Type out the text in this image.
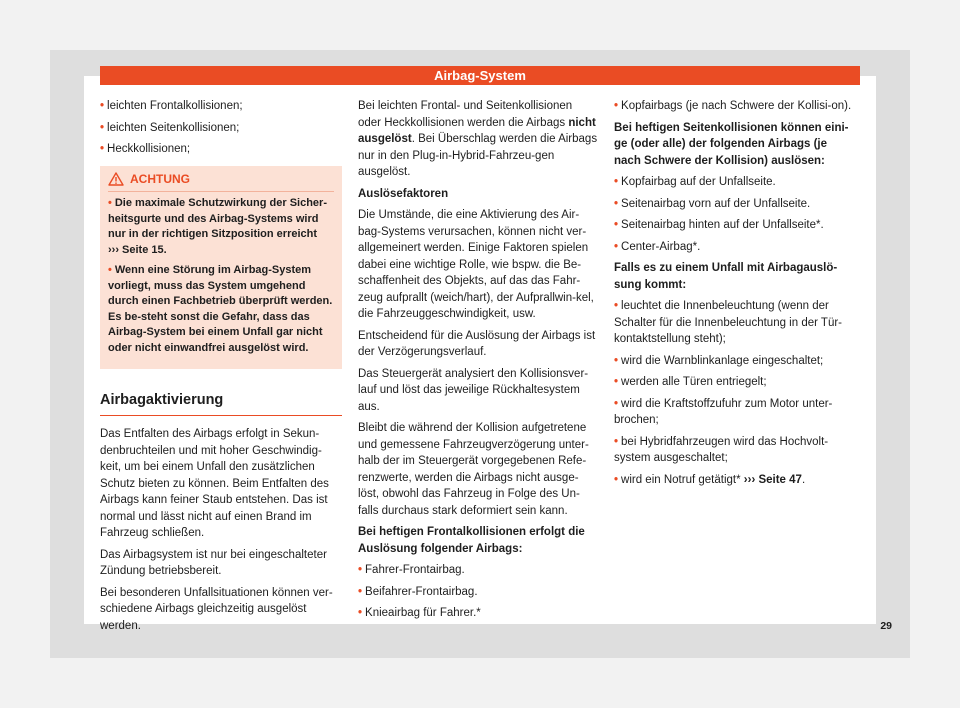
Airbag-System

• leichten Frontalkollisionen;

• leichten Seitenkollisionen;

• Heckkollisionen;

ACHTUNG

• Die maximale Schutzwirkung der Sicher-heitsgurte und des Airbag-Systems wird nur in der richtigen Sitzposition erreicht
››› Seite 15.

• Wenn eine Störung im Airbag-System vorliegt, muss das System umgehend durch einen Fachbetrieb überprüft werden. Es be-steht sonst die Gefahr, dass das Airbag-System bei einem Unfall gar nicht oder nicht einwandfrei ausgelöst wird.

Airbagaktivierung

Das Entfalten des Airbags erfolgt in Sekun-denbruchteilen und mit hoher Geschwindig-keit, um bei einem Unfall den zusätzlichen Schutz bieten zu können. Beim Entfalten des Airbags kann feiner Staub entstehen. Das ist normal und lässt nicht auf einen Brand im Fahrzeug schließen.

Das Airbagsystem ist nur bei eingeschalteter Zündung betriebsbereit.

Bei besonderen Unfallsituationen können ver-schiedene Airbags gleichzeitig ausgelöst werden.

Bei leichten Frontal- und Seitenkollisionen oder Heckkollisionen werden die Airbags nicht ausgelöst. Bei Überschlag werden die Airbags nur in den Plug-in-Hybrid-Fahrzeu-gen ausgelöst.

Auslösefaktoren

Die Umstände, die eine Aktivierung des Air-bag-Systems verursachen, können nicht ver-allgemeinert werden. Einige Faktoren spielen dabei eine wichtige Rolle, wie bspw. die Be-schaffenheit des Objekts, auf das das Fahr-zeug aufprallt (weich/hart), der Aufprallwin-kel, die Fahrzeuggeschwindigkeit, usw.

Entscheidend für die Auslösung der Airbags ist der Verzögerungsverlauf.

Das Steuergerät analysiert den Kollisionsver-lauf und löst das jeweilige Rückhaltesystem aus.

Bleibt die während der Kollision aufgetretene und gemessene Fahrzeugverzögerung unter-halb der im Steuergerät vorgegebenen Refe-renzwerte, werden die Airbags nicht ausge-löst, obwohl das Fahrzeug in Folge des Un-falls durchaus stark deformiert sein kann.

Bei heftigen Frontalkollisionen erfolgt die Auslösung folgender Airbags:

• Fahrer-Frontairbag.

• Beifahrer-Frontairbag.

• Knieairbag für Fahrer.*

• Kopfairbags (je nach Schwere der Kollisi-on).

Bei heftigen Seitenkollisionen können eini-ge (oder alle) der folgenden Airbags (je nach Schwere der Kollision) auslösen:

• Kopfairbag auf der Unfallseite.

• Seitenairbag vorn auf der Unfallseite.

• Seitenairbag hinten auf der Unfallseite*.

• Center-Airbag*.

Falls es zu einem Unfall mit Airbagauslö-sung kommt:

• leuchtet die Innenbeleuchtung (wenn der Schalter für die Innenbeleuchtung in der Tür-kontaktstellung steht);

• wird die Warnblinkanlage eingeschaltet;

• werden alle Türen entriegelt;

• wird die Kraftstoffzufuhr zum Motor unter-brochen;

• bei Hybridfahrzeugen wird das Hochvolt-system ausgeschaltet;

• wird ein Notruf getätigt* ››› Seite 47.

29
